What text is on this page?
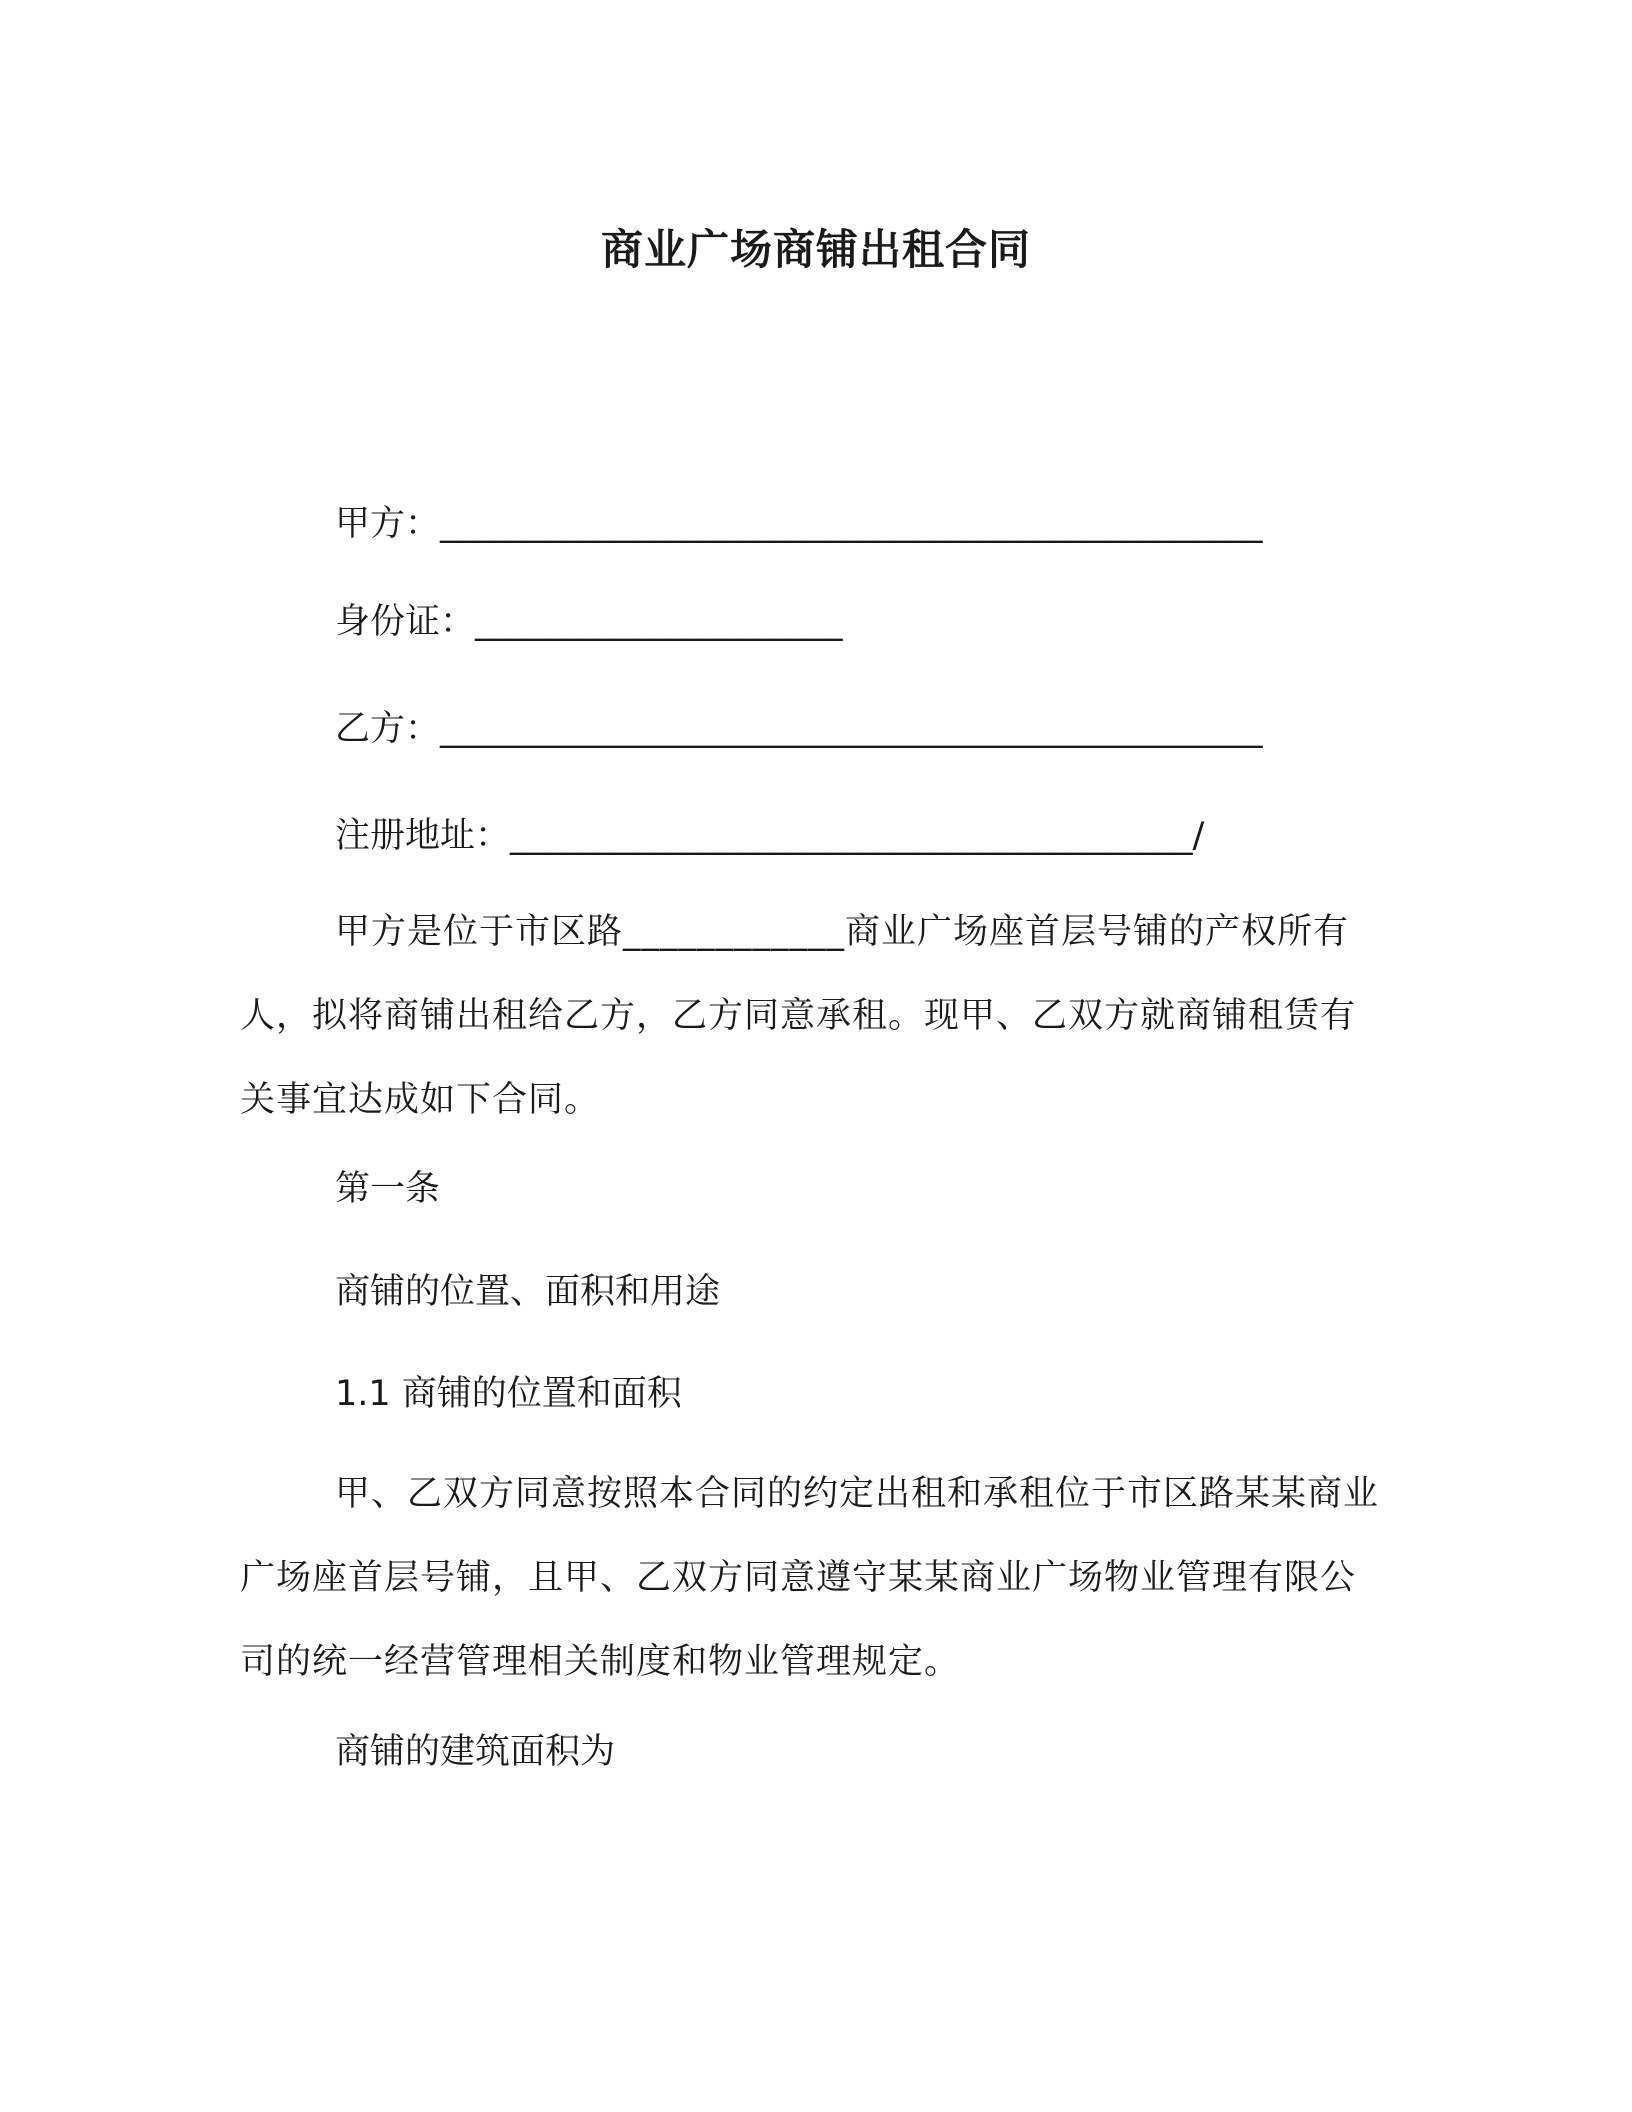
商业广场商铺出租合同
甲方：_______________________________________________
身份证：_____________________
乙方：_______________________________________________
注册地址：_______________________________________/

甲方是位于市区路____________商业广场座首层号铺的产权所有人，拟将商铺出租给乙方，乙方同意承租。现甲、乙双方就商铺租赁有关事宜达成如下合同。

第一条
商铺的位置、面积和用途
1.1 商铺的位置和面积

甲、乙双方同意按照本合同的约定出租和承租位于市区路某某商业广场座首层号铺，且甲、乙双方同意遵守某某商业广场物业管理有限公司的统一经营管理相关制度和物业管理规定。

商铺的建筑面积为
